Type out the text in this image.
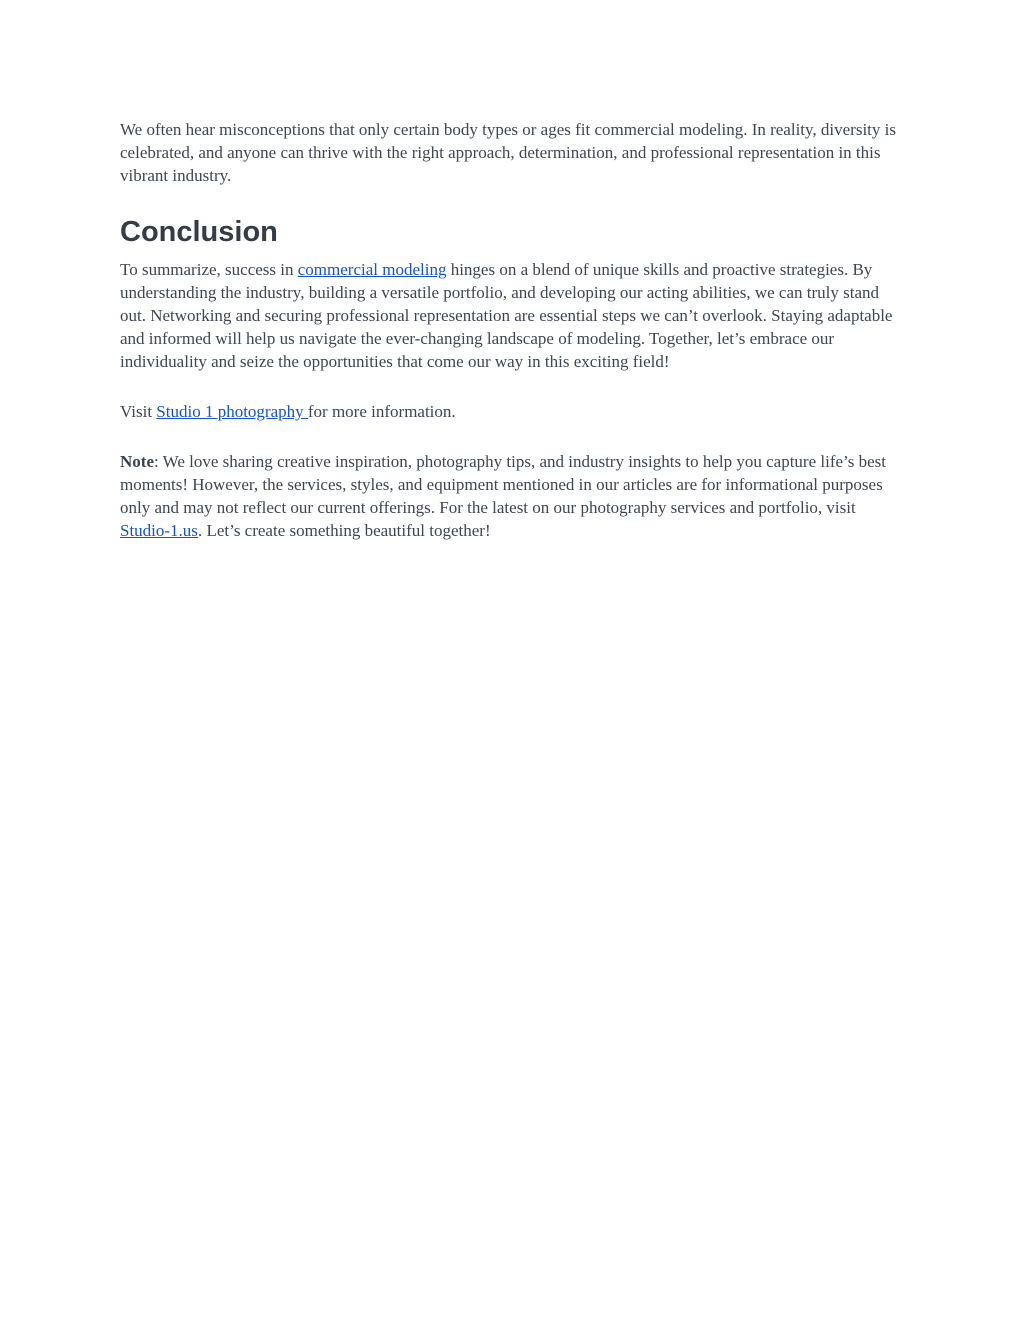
We often hear misconceptions that only certain body types or ages fit commercial modeling. In reality, diversity is celebrated, and anyone can thrive with the right approach, determination, and professional representation in this vibrant industry.

Conclusion

To summarize, success in commercial modeling hinges on a blend of unique skills and proactive strategies. By understanding the industry, building a versatile portfolio, and developing our acting abilities, we can truly stand out. Networking and securing professional representation are essential steps we can’t overlook. Staying adaptable and informed will help us navigate the ever-changing landscape of modeling. Together, let’s embrace our individuality and seize the opportunities that come our way in this exciting field!

Visit Studio 1 photography for more information.

Note: We love sharing creative inspiration, photography tips, and industry insights to help you capture life’s best moments! However, the services, styles, and equipment mentioned in our articles are for informational purposes only and may not reflect our current offerings. For the latest on our photography services and portfolio, visit Studio-1.us. Let’s create something beautiful together!
